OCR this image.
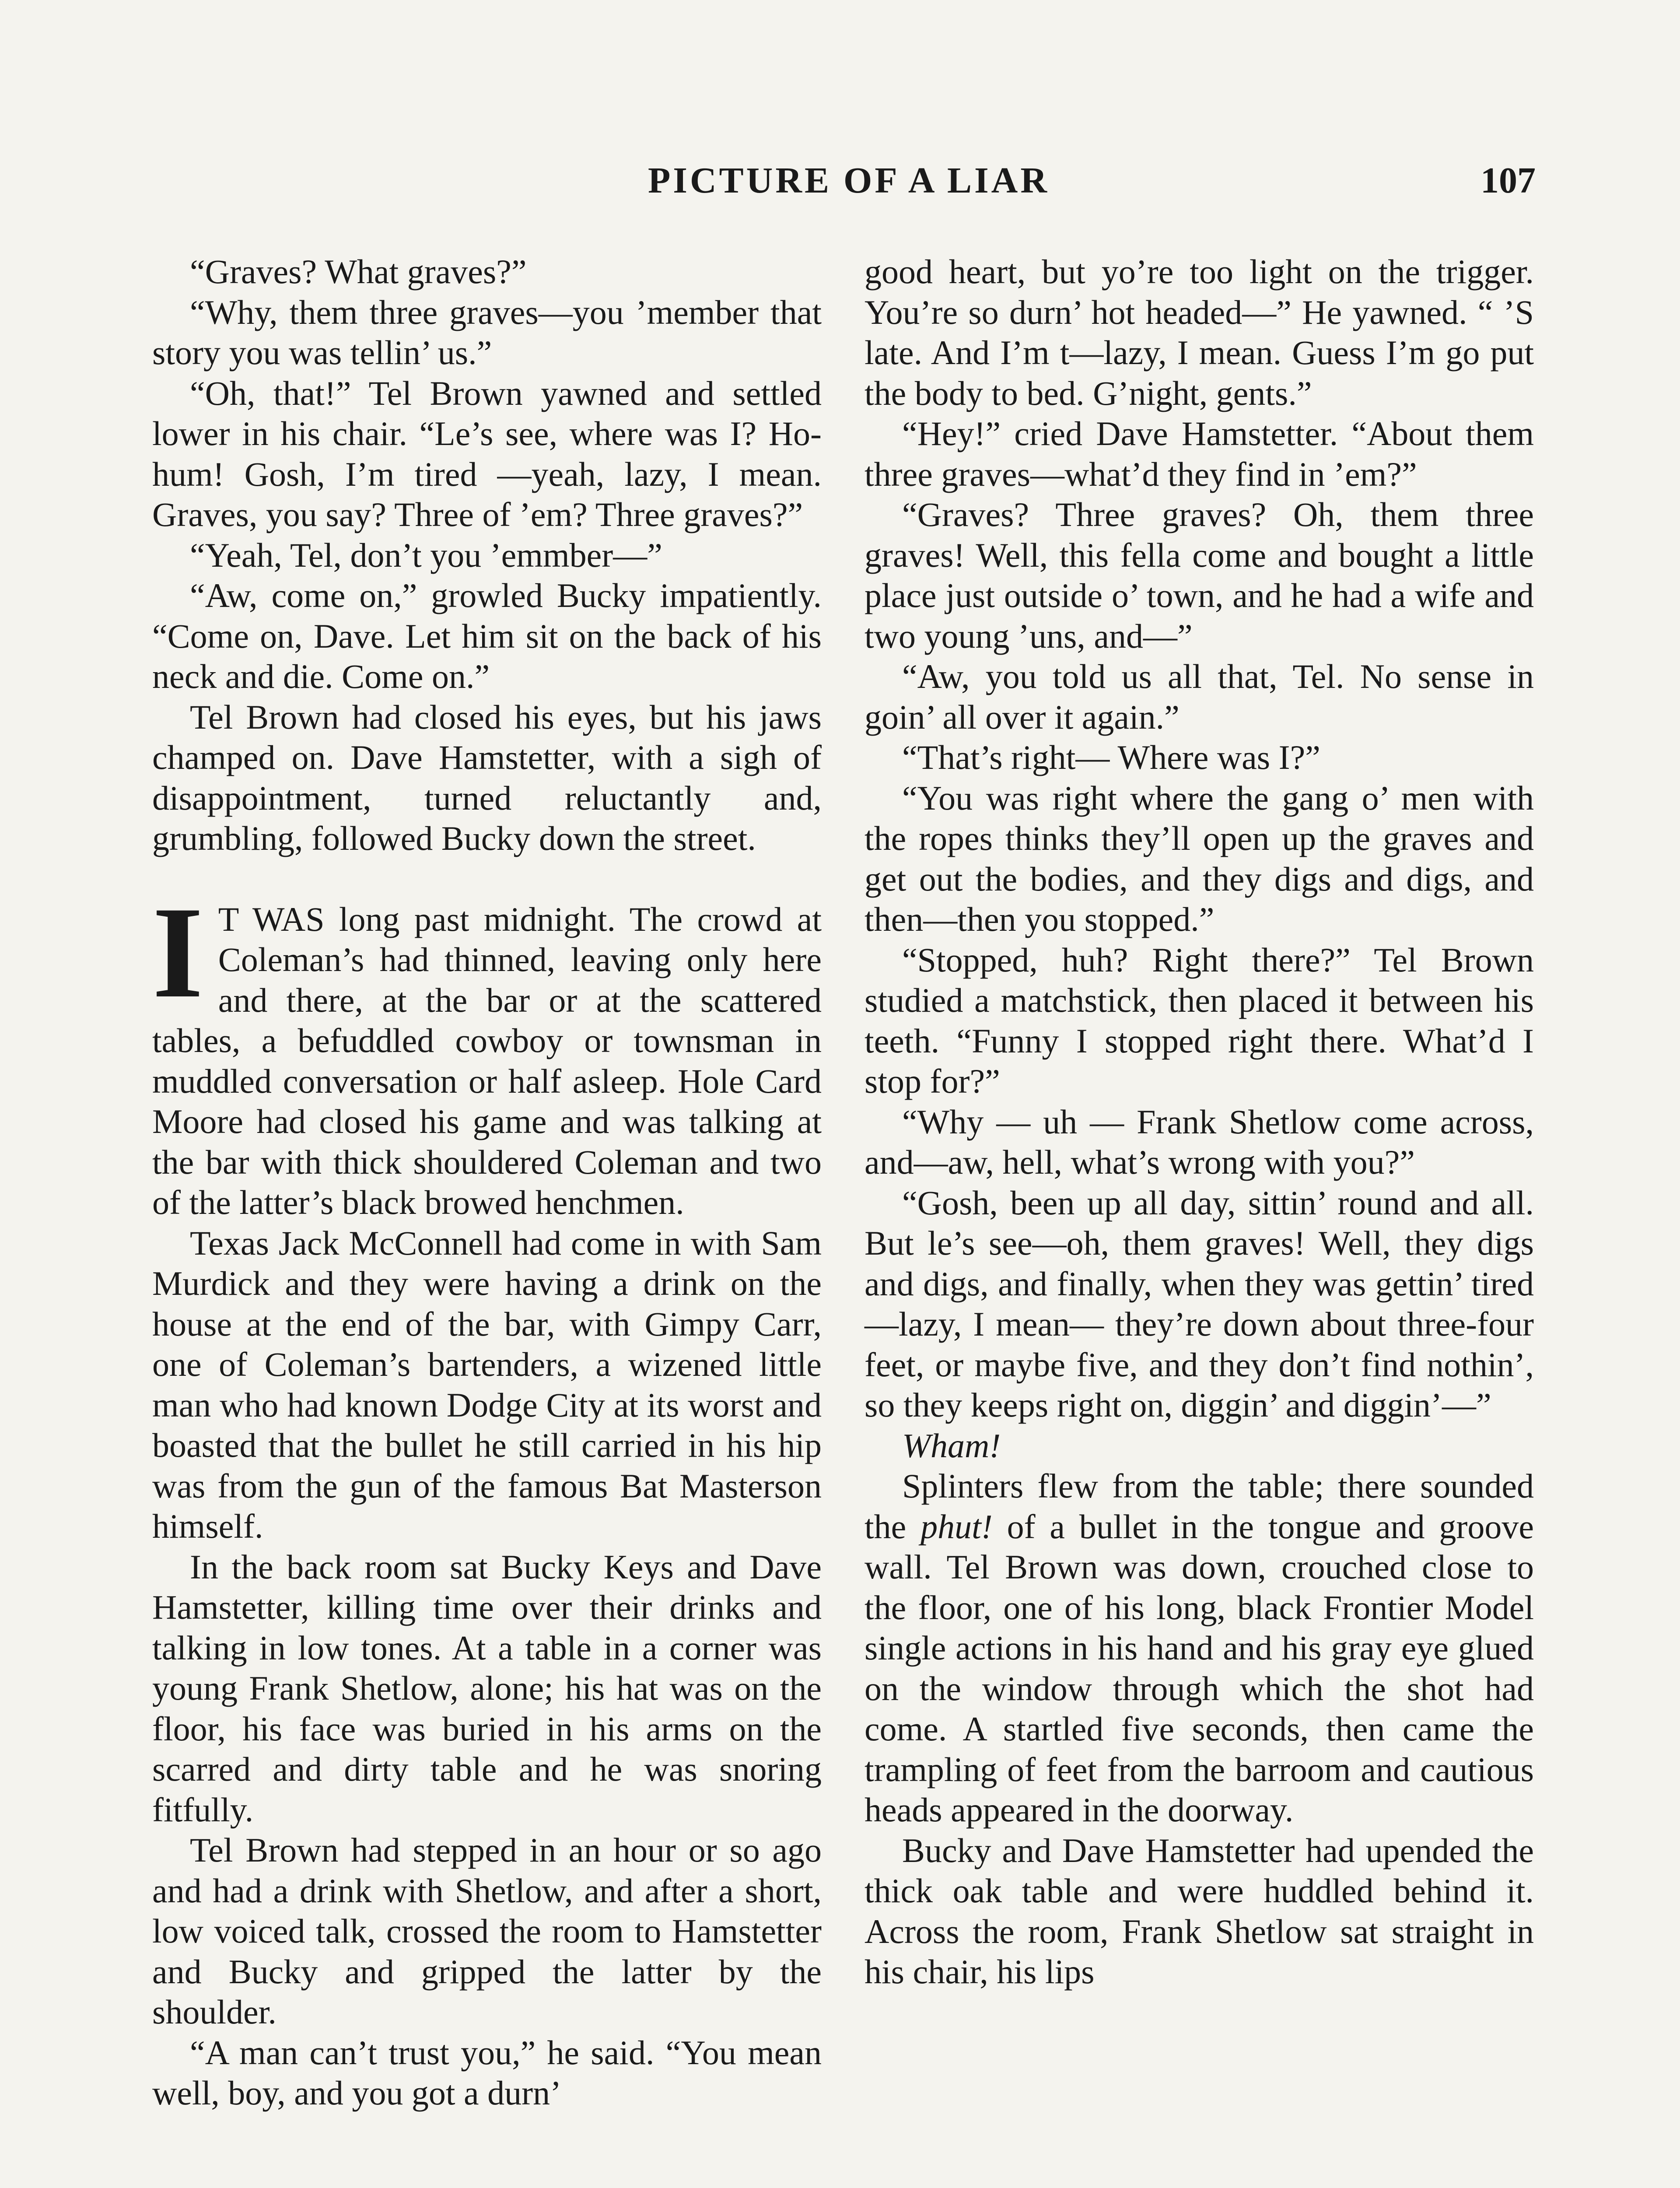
PICTURE OF A LIAR	107

“Graves? What graves?”

“Why, them three graves—you ’member that story you was tellin’ us.”

“Oh, that!” Tel Brown yawned and settled lower in his chair. “Le’s see, where was I? Ho-hum! Gosh, I’m tired —yeah, lazy, I mean. Graves, you say? Three of ’em? Three graves?”

“Yeah, Tel, don’t you ’emmber—”

“Aw, come on,” growled Bucky impatiently. “Come on, Dave. Let him sit on the back of his neck and die. Come on.”

Tel Brown had closed his eyes, but his jaws champed on. Dave Hamstetter, with a sigh of disappointment, turned reluctantly and, grumbling, followed Bucky down the street.

I T WAS long past midnight. The crowd at Coleman’s had thinned, leaving only here and there, at the bar or at the scattered tables, a befuddled cowboy or townsman in muddled conversation or half asleep. Hole Card Moore had closed his game and was talking at the bar with thick shouldered Coleman and two of the latter’s black browed henchmen.

Texas Jack McConnell had come in with Sam Murdick and they were having a drink on the house at the end of the bar, with Gimpy Carr, one of Coleman’s bartenders, a wizened little man who had known Dodge City at its worst and boasted that the bullet he still carried in his hip was from the gun of the famous Bat Masterson himself.

In the back room sat Bucky Keys and Dave Hamstetter, killing time over their drinks and talking in low tones. At a table in a corner was young Frank Shetlow, alone; his hat was on the floor, his face was buried in his arms on the scarred and dirty table and he was snoring fitfully.

Tel Brown had stepped in an hour or so ago and had a drink with Shetlow, and after a short, low voiced talk, crossed the room to Hamstetter and Bucky and gripped the latter by the shoulder.

“A man can’t trust you,” he said. “You mean well, boy, and you got a durn’

good heart, but yo’re too light on the trigger. You’re so durn’ hot headed—” He yawned. “ ’S late. And I’m t—lazy, I mean. Guess I’m go put the body to bed. G’night, gents.”

“Hey!” cried Dave Hamstetter. “About them three graves—what’d they find in ’em?”

“Graves? Three graves? Oh, them three graves! Well, this fella come and bought a little place just outside o’ town, and he had a wife and two young ’uns, and—”

“Aw, you told us all that, Tel. No sense in goin’ all over it again.”

“That’s right— Where was I?”

“You was right where the gang o’ men with the ropes thinks they’ll open up the graves and get out the bodies, and they digs and digs, and then—then you stopped.”

“Stopped, huh? Right there?” Tel Brown studied a matchstick, then placed it between his teeth. “Funny I stopped right there. What’d I stop for?”

“Why — uh — Frank Shetlow come across, and—aw, hell, what’s wrong with you?”

“Gosh, been up all day, sittin’ round and all. But le’s see—oh, them graves! Well, they digs and digs, and finally, when they was gettin’ tired—lazy, I mean— they’re down about three-four feet, or maybe five, and they don’t find nothin’, so they keeps right on, diggin’ and diggin’—”

Wham!

Splinters flew from the table; there sounded the phut! of a bullet in the tongue and groove wall. Tel Brown was down, crouched close to the floor, one of his long, black Frontier Model single actions in his hand and his gray eye glued on the window through which the shot had come. A startled five seconds, then came the trampling of feet from the barroom and cautious heads appeared in the doorway.

Bucky and Dave Hamstetter had upended the thick oak table and were huddled behind it. Across the room, Frank Shetlow sat straight in his chair, his lips
